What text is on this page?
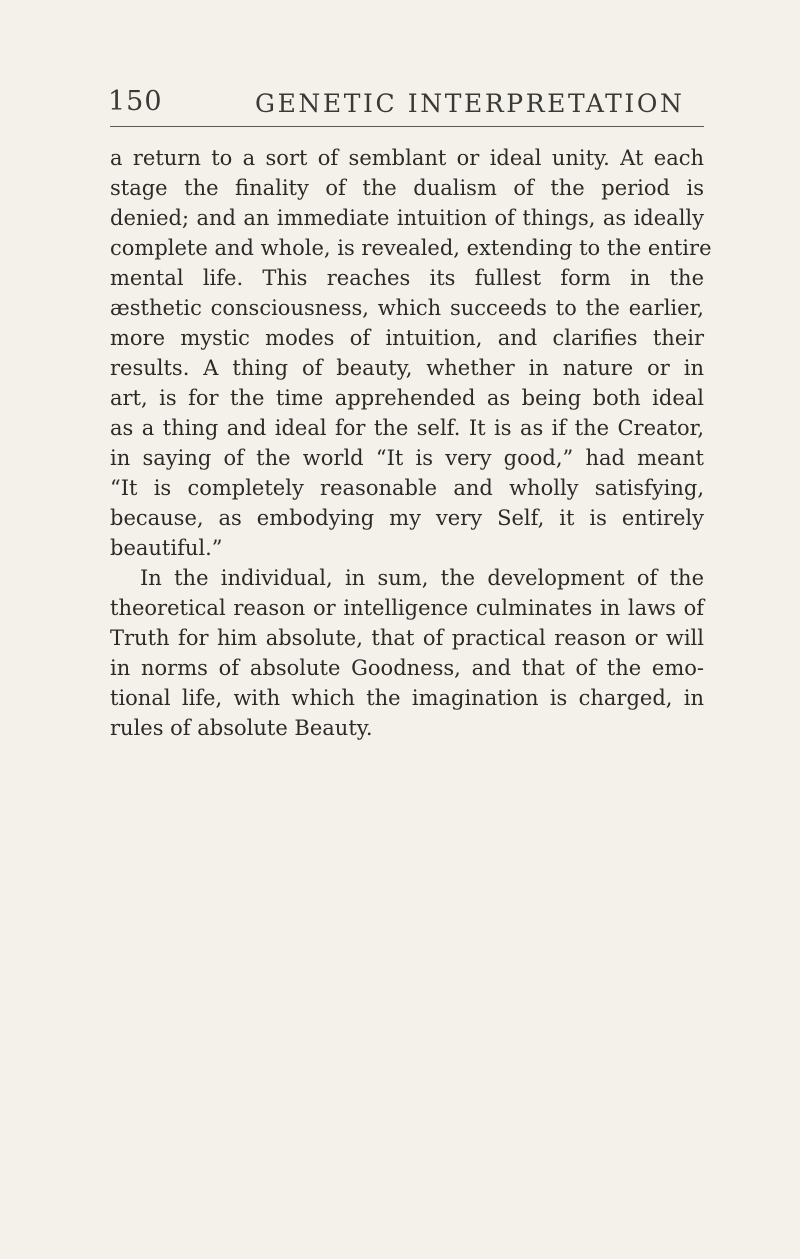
150	GENETIC INTERPRETATION
a return to a sort of semblant or ideal unity. At each
stage the finality of the dualism of the period is
denied; and an immediate intuition of things, as ideally
complete and whole, is revealed, extending to the entire
mental life. This reaches its fullest form in the
æsthetic consciousness, which succeeds to the earlier,
more mystic modes of intuition, and clarifies their
results. A thing of beauty, whether in nature or in
art, is for the time apprehended as being both ideal
as a thing and ideal for the self. It is as if the Creator,
in saying of the world “It is very good,” had meant
“It is completely reasonable and wholly satisfying,
because, as embodying my very Self, it is entirely
beautiful.”
In the individual, in sum, the development of the
theoretical reason or intelligence culminates in laws of
Truth for him absolute, that of practical reason or will
in norms of absolute Goodness, and that of the emo-
tional life, with which the imagination is charged, in
rules of absolute Beauty.
